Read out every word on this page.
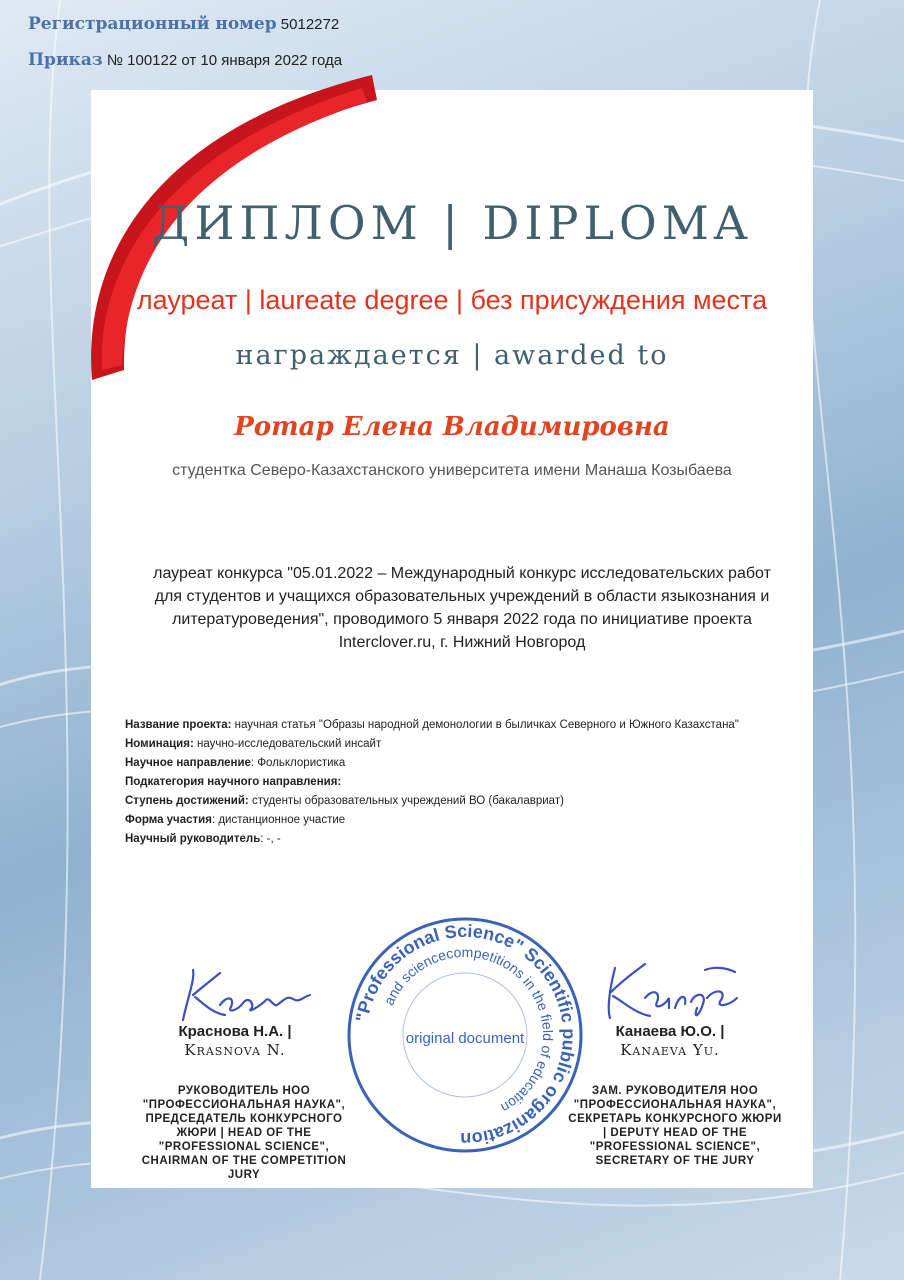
Регистрационный номер 5012272
Приказ № 100122 от 10 января 2022 года
ДИПЛОМ | DIPLOMA
лауреат | laureate degree | без присуждения места
награждается | awarded to
Ротар Елена Владимировна
студентка Северо-Казахстанского университета имени Манаша Козыбаева
лауреат конкурса "05.01.2022 – Международный конкурс исследовательских работ
для студентов и учащихся образовательных учреждений в области языкознания и
литературоведения", проводимого 5 января 2022 года по инициативе проекта
Interclover.ru, г. Нижний Новгород
Название проекта: научная статья "Образы народной демонологии в быличках Северного и Южного Казахстана"
Номинация: научно-исследовательский инсайт
Научное направление: Фольклористика
Подкатегория научного направления:
Ступень достижений: студенты образовательных учреждений ВО (бакалавриат)
Форма участия: дистанционное участие
Научный руководитель: -, -
Краснова Н.А. |
Krasnova N.
РУКОВОДИТЕЛЬ НОО "ПРОФЕССИОНАЛЬНАЯ НАУКА", ПРЕДСЕДАТЕЛЬ КОНКУРСНОГО ЖЮРИ | HEAD OF THE "PROFESSIONAL SCIENCE", CHAIRMAN OF THE COMPETITION JURY
Канаева Ю.О. |
Kanaeva Yu.
ЗАМ. РУКОВОДИТЕЛЯ НОО "ПРОФЕССИОНАЛЬНАЯ НАУКА", СЕКРЕТАРЬ КОНКУРСНОГО ЖЮРИ | DEPUTY HEAD OF THE "PROFESSIONAL SCIENCE", SECRETARY OF THE JURY
"Professional Science" Scientific public organization
and sciencecompetitions in the field of education
original document
